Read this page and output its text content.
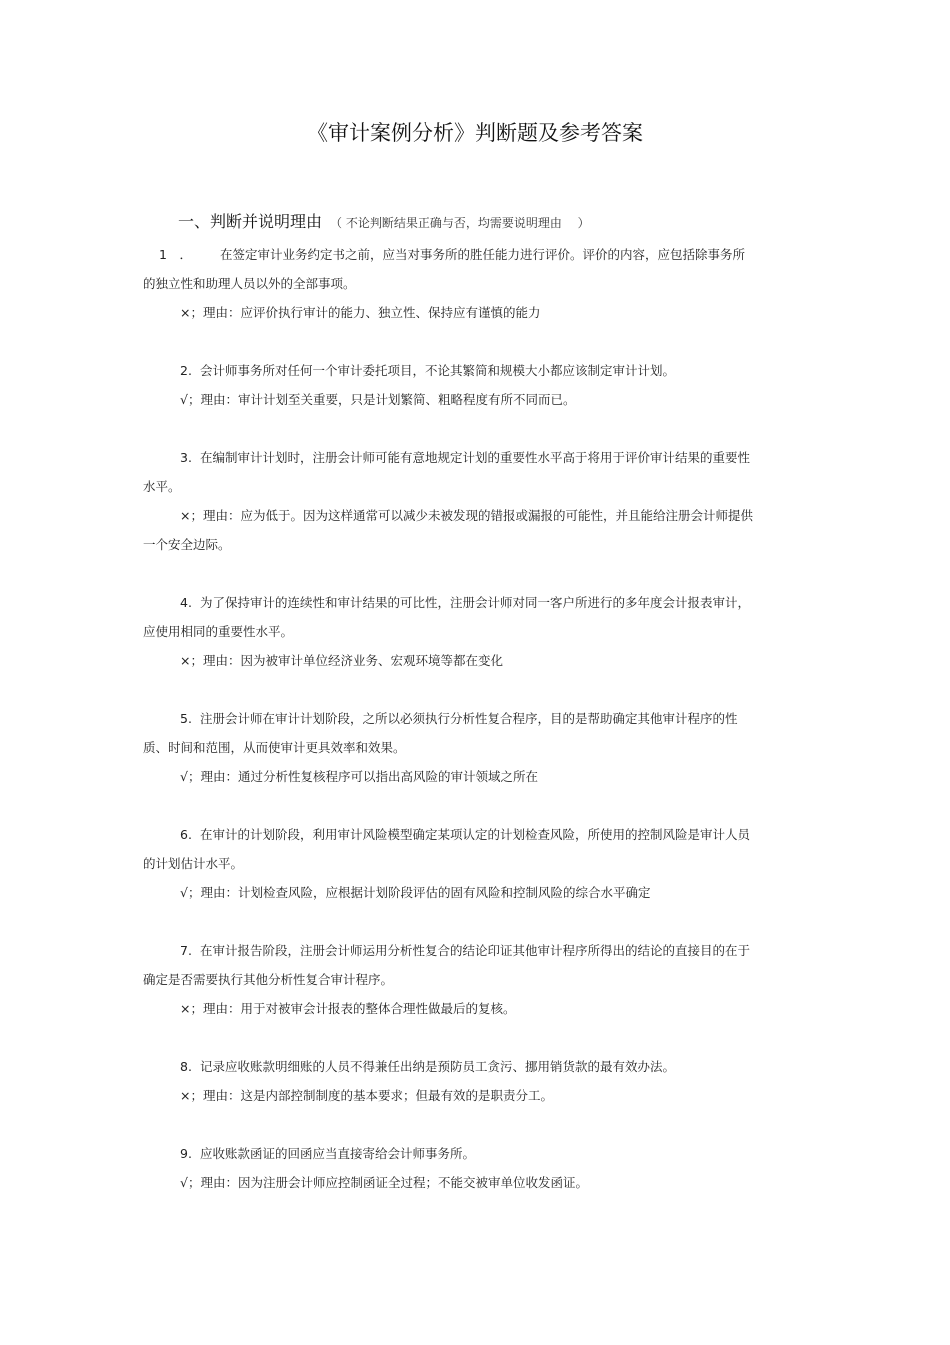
《审计案例分析》判断题及参考答案
一、判断并说明理由 （ 不论判断结果正确与否，均需要说明理由　 ）

1　． 在签定审计业务约定书之前，应当对事务所的胜任能力进行评价。评价的内容，应包括除事务所的独立性和助理人员以外的全部事项。

×；理由：应评价执行审计的能力、独立性、保持应有谨慎的能力

2. 会计师事务所对任何一个审计委托项目，不论其繁简和规模大小都应该制定审计计划。

√；理由：审计计划至关重要，只是计划繁简、粗略程度有所不同而已。

3. 在编制审计计划时，注册会计师可能有意地规定计划的重要性水平高于将用于评价审计结果的重要性水平。

×；理由：应为低于。因为这样通常可以减少未被发现的错报或漏报的可能性，并且能给注册会计师提供一个安全边际。

4. 为了保持审计的连续性和审计结果的可比性，注册会计师对同一客户所进行的多年度会计报表审计，应使用相同的重要性水平。

×；理由：因为被审计单位经济业务、宏观环境等都在变化

5. 注册会计师在审计计划阶段，之所以必须执行分析性复合程序，目的是帮助确定其他审计程序的性质、时间和范围，从而使审计更具效率和效果。

√；理由：通过分析性复核程序可以指出高风险的审计领域之所在

6. 在审计的计划阶段，利用审计风险模型确定某项认定的计划检查风险，所使用的控制风险是审计人员的计划估计水平。

√；理由：计划检查风险，应根据计划阶段评估的固有风险和控制风险的综合水平确定

7. 在审计报告阶段，注册会计师运用分析性复合的结论印证其他审计程序所得出的结论的直接目的在于确定是否需要执行其他分析性复合审计程序。

×；理由：用于对被审会计报表的整体合理性做最后的复核。

8. 记录应收账款明细账的人员不得兼任出纳是预防员工贪污、挪用销货款的最有效办法。

×；理由：这是内部控制制度的基本要求；但最有效的是职责分工。

9. 应收账款函证的回函应当直接寄给会计师事务所。

√；理由：因为注册会计师应控制函证全过程；不能交被审单位收发函证。
